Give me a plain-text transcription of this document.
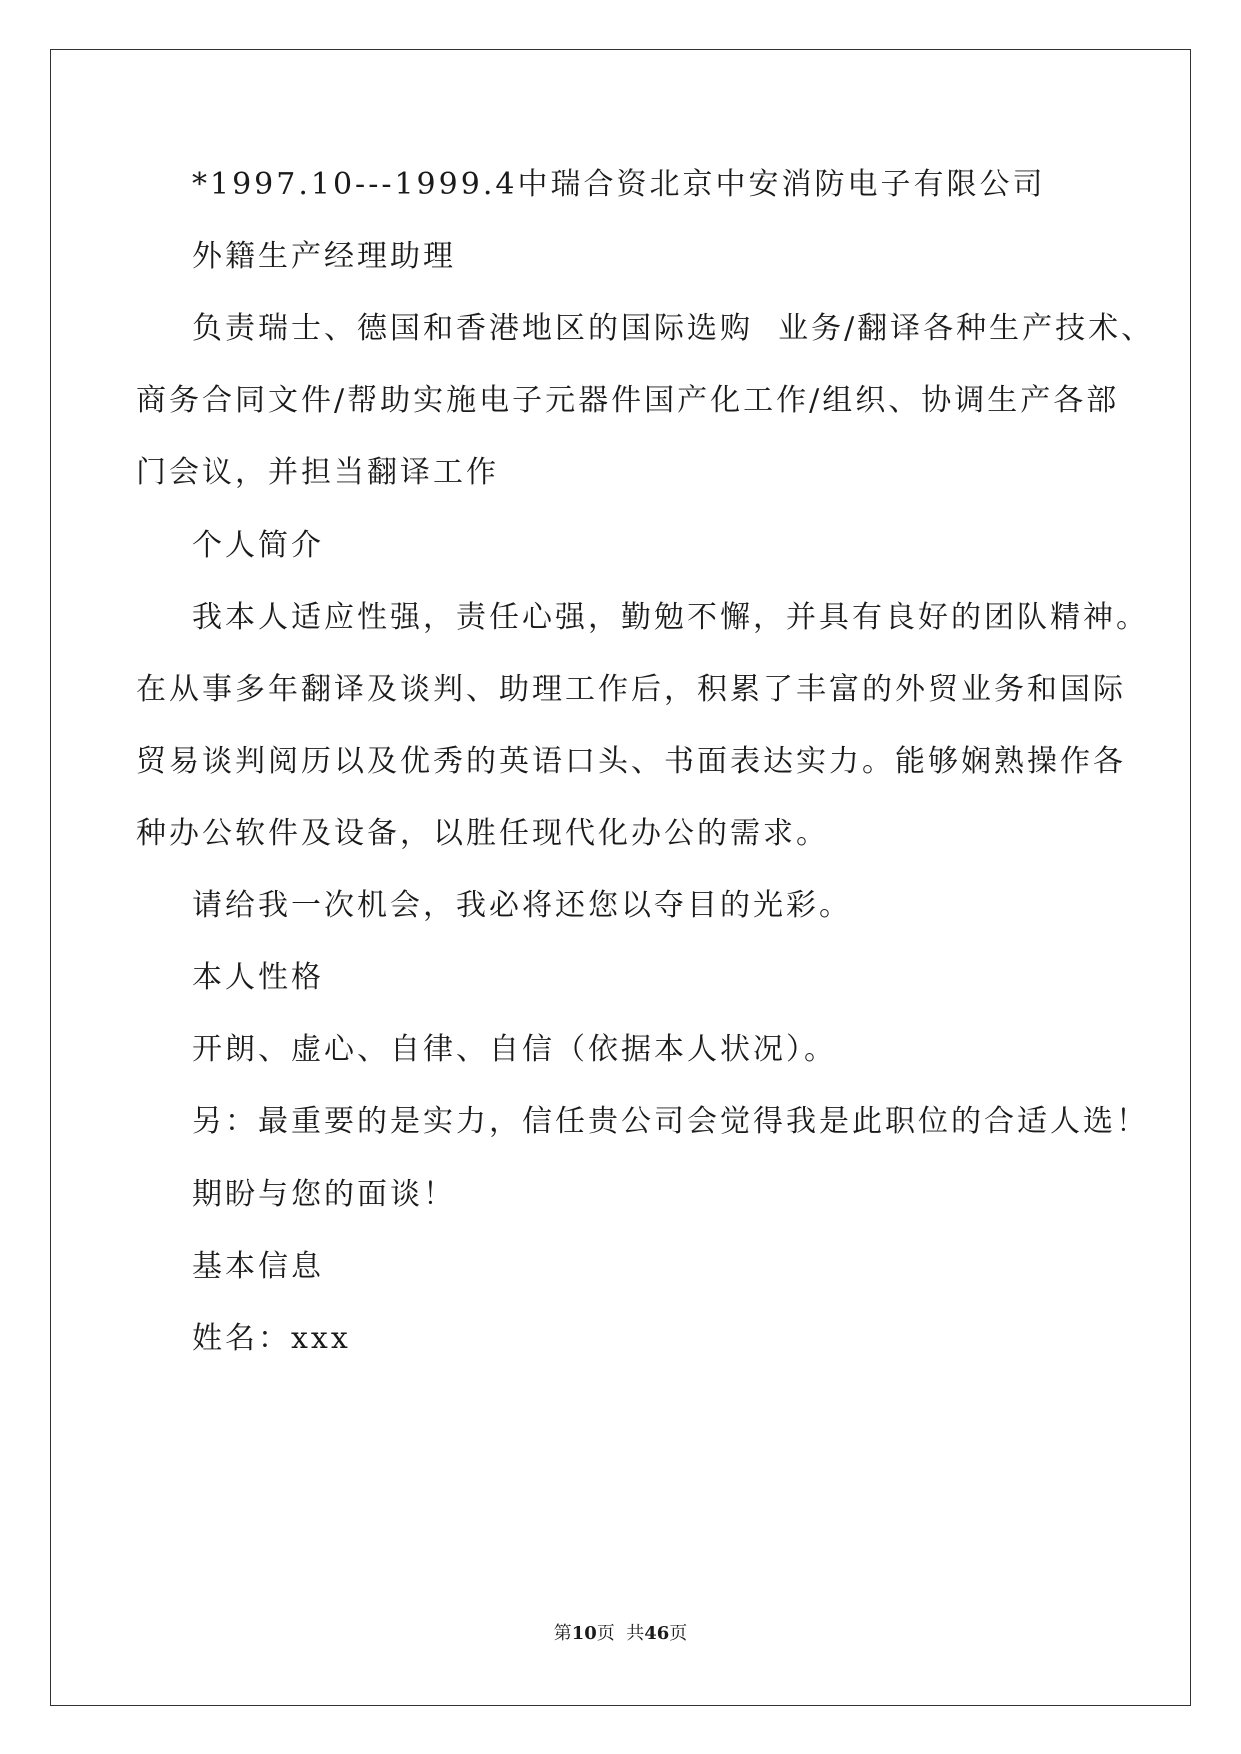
*1997.10---1999.4中瑞合资北京中安消防电子有限公司
外籍生产经理助理
负责瑞士、德国和香港地区的国际选购  业务/翻译各种生产技术、
商务合同文件/帮助实施电子元器件国产化工作/组织、协调生产各部
门会议，并担当翻译工作
个人简介
我本人适应性强，责任心强，勤勉不懈，并具有良好的团队精神。
在从事多年翻译及谈判、助理工作后，积累了丰富的外贸业务和国际
贸易谈判阅历以及优秀的英语口头、书面表达实力。能够娴熟操作各
种办公软件及设备，以胜任现代化办公的需求。
请给我一次机会，我必将还您以夺目的光彩。
本人性格
开朗、虚心、自律、自信（依据本人状况）。
另：最重要的是实力，信任贵公司会觉得我是此职位的合适人选！
期盼与您的面谈！
基本信息
姓名：xxx
第10页  共46页
